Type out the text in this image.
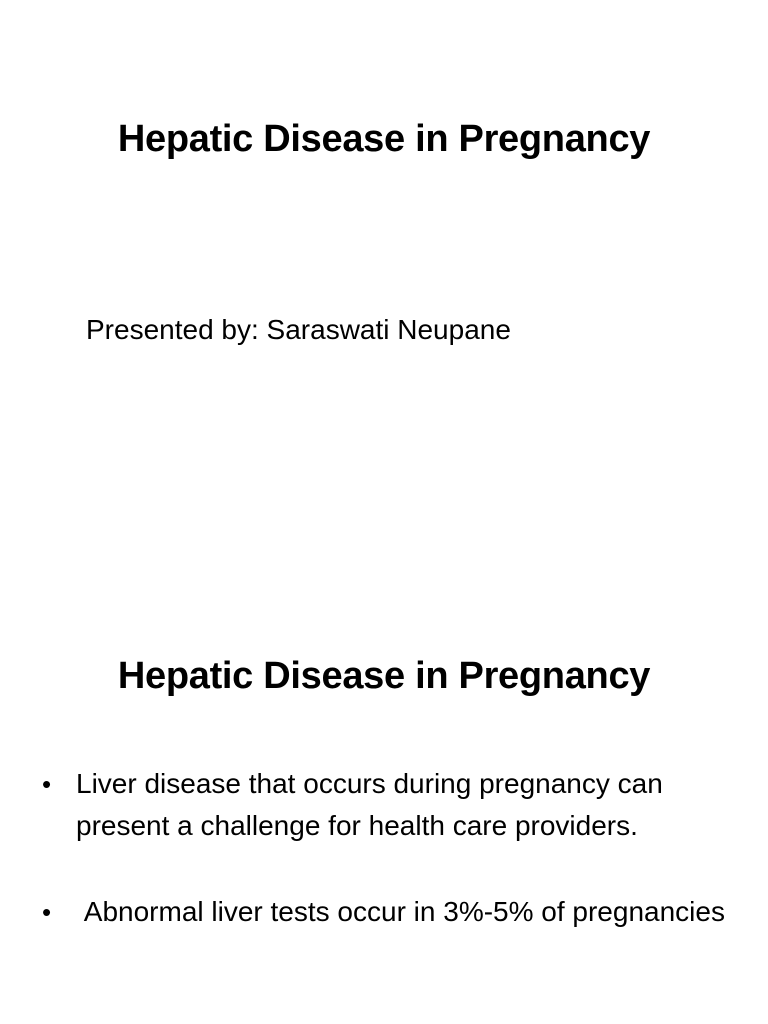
Hepatic Disease in Pregnancy
Presented by: Saraswati Neupane
Hepatic Disease in Pregnancy
• Liver disease that occurs during pregnancy can present a challenge for health care providers.
• Abnormal liver tests occur in 3%-5% of pregnancies
